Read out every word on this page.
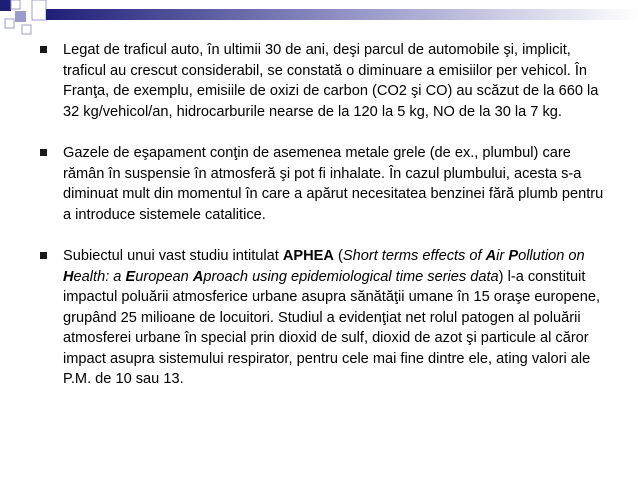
Legat de traficul auto, în ultimii 30 de ani, deşi parcul de automobile şi, implicit, traficul au crescut considerabil, se constată o diminuare a emisiilor per vehicol. În Franţa, de exemplu, emisiile de oxizi de carbon (CO2 şi CO) au scăzut de la 660 la 32 kg/vehicol/an, hidrocarburile nearse de la 120 la 5 kg, NO de la 30 la 7 kg.
Gazele de eşapament conţin de asemenea metale grele (de ex., plumbul) care rămân în suspensie în atmosferă şi pot fi inhalate. În cazul plumbului, acesta s-a diminuat mult din momentul în care a apărut necesitatea benzinei fără plumb pentru a introduce sistemele catalitice.
Subiectul unui vast studiu intitulat APHEA (Short terms effects of Air Pollution on Health: a European Aproach using epidemiological time series data) l-a constituit impactul poluării atmosferice urbane asupra sănătăţii umane în 15 oraşe europene, grupând 25 milioane de locuitori. Studiul a evidenţiat net rolul patogen al poluării atmosferei urbane în special prin dioxid de sulf, dioxid de azot şi particule al căror impact asupra sistemului respirator, pentru cele mai fine dintre ele, ating valori ale P.M. de 10 sau 13.
